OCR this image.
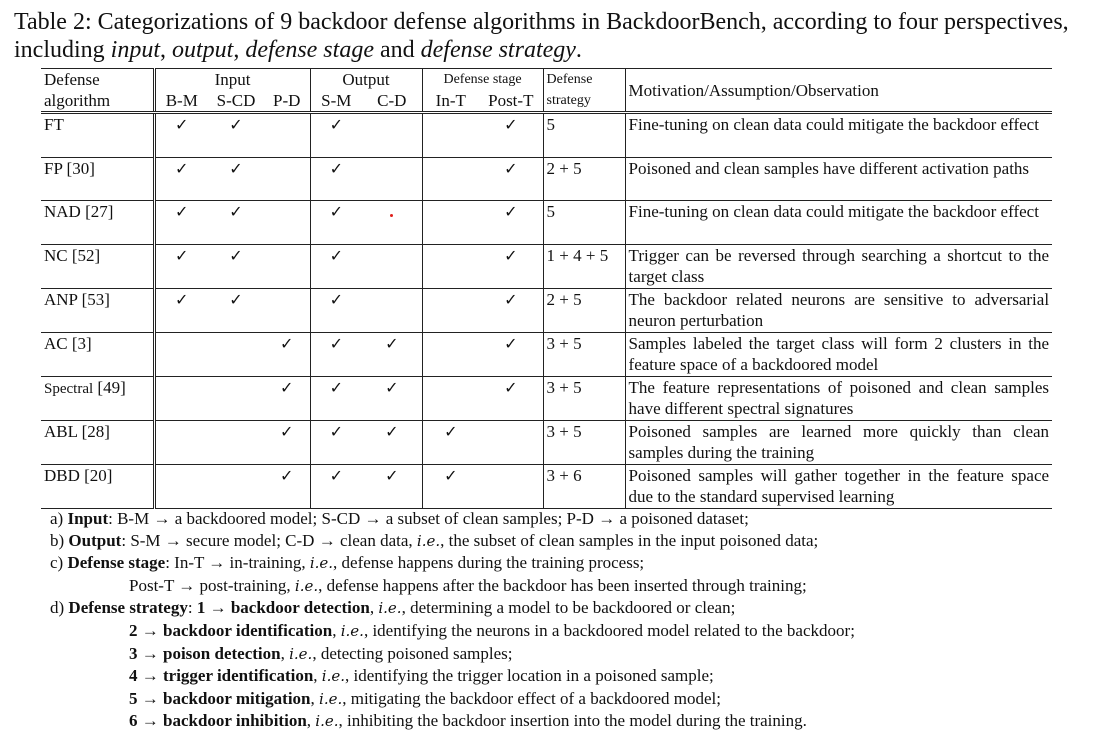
Table 2: Categorizations of 9 backdoor defense algorithms in BackdoorBench, according to four perspectives, including input, output, defense stage and defense strategy.
Defense	Input			Output		Defense stage		Defense	Motivation/Assumption/Observation
algorithm	B-M	S-CD	P-D	S-M	C-D	In-T	Post-T	strategy	
FT	✓	✓		✓			✓	5	Fine-tuning on clean data could mitigate the backdoor effect
FP [30]	✓	✓		✓			✓	2 + 5	Poisoned and clean samples have different activation paths
NAD [27]	✓	✓		✓			✓	5	Fine-tuning on clean data could mitigate the backdoor effect
NC [52]	✓	✓		✓			✓	1 + 4 + 5	Trigger can be reversed through searching a shortcut to the target class
ANP [53]	✓	✓		✓			✓	2 + 5	The backdoor related neurons are sensitive to adversarial neuron perturbation
AC [3]			✓	✓	✓		✓	3 + 5	Samples labeled the target class will form 2 clusters in the feature space of a backdoored model
Spectral [49]			✓	✓	✓		✓	3 + 5	The feature representations of poisoned and clean samples have different spectral signatures
ABL [28]			✓	✓	✓	✓		3 + 5	Poisoned samples are learned more quickly than clean samples during the training
DBD [20]			✓	✓	✓	✓		3 + 6	Poisoned samples will gather together in the feature space due to the standard supervised learning
a) Input: B-M → a backdoored model; S-CD → a subset of clean samples; P-D → a poisoned dataset;
b) Output: S-M → secure model; C-D → clean data, i.e., the subset of clean samples in the input poisoned data;
c) Defense stage: In-T → in-training, i.e., defense happens during the training process;
Post-T → post-training, i.e., defense happens after the backdoor has been inserted through training;
d) Defense strategy: 1 → backdoor detection, i.e., determining a model to be backdoored or clean;
2 → backdoor identification, i.e., identifying the neurons in a backdoored model related to the backdoor;
3 → poison detection, i.e., detecting poisoned samples;
4 → trigger identification, i.e., identifying the trigger location in a poisoned sample;
5 → backdoor mitigation, i.e., mitigating the backdoor effect of a backdoored model;
6 → backdoor inhibition, i.e., inhibiting the backdoor insertion into the model during the training.
